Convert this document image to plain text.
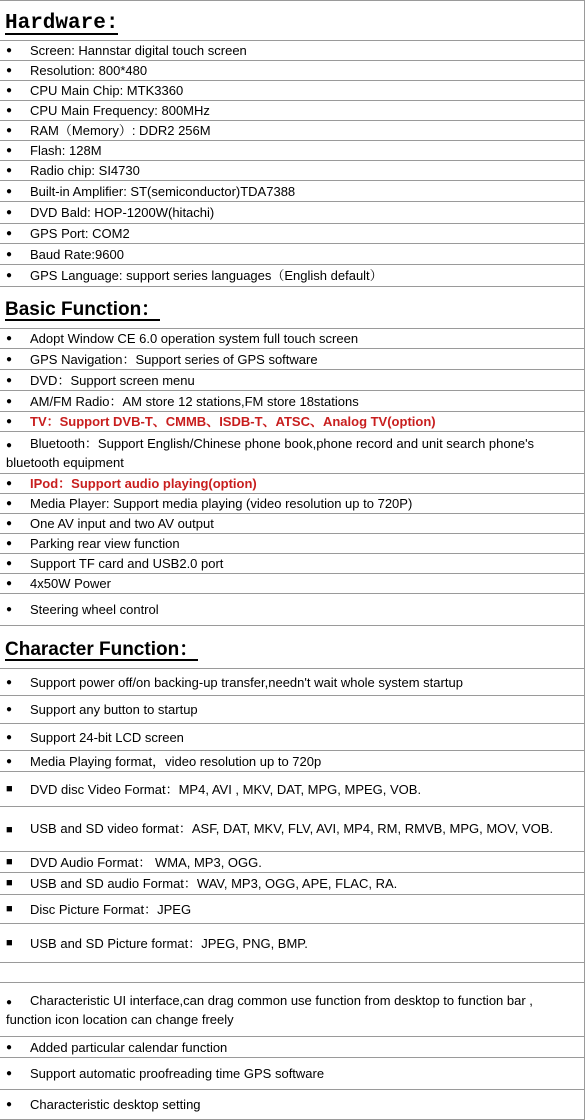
Hardware:
●	Screen: Hannstar digital touch screen
●	Resolution: 800*480
●	CPU Main Chip: MTK3360
●	CPU Main Frequency: 800MHz
●	RAM（Memory）: DDR2 256M
●	Flash: 128M
●	Radio chip: SI4730
●	Built-in Amplifier: ST(semiconductor)TDA7388
●	DVD Bald: HOP-1200W(hitachi)
●	GPS Port: COM2
●	Baud Rate:9600
●	GPS Language: support series languages（English default）
Basic Function：
●	Adopt Window CE 6.0 operation system full touch screen
●	GPS Navigation：Support series of GPS software
●	DVD：Support screen menu
●	AM/FM Radio：AM store 12 stations,FM store 18stations
●	TV：Support DVB-T、CMMB、ISDB-T、ATSC、Analog TV(option)
● Bluetooth：Support English/Chinese phone book,phone record and unit search phone's bluetooth equipment
●	IPod：Support audio playing(option)
●	Media Player: Support media playing (video resolution up to 720P)
●	One AV input and two AV output
●	Parking rear view function
●	Support TF card and USB2.0 port
●	4x50W Power
●	Steering wheel control
Character Function：
●	Support power off/on backing-up transfer,needn't wait whole system startup
●	Support any button to startup
●	Support 24-bit LCD screen
●	Media Playing format，video resolution up to 720p
■	DVD disc Video Format：MP4, AVI , MKV, DAT, MPG, MPEG, VOB.
■ USB and SD video format：ASF, DAT, MKV, FLV, AVI, MP4, RM, RMVB, MPG, MOV, VOB.
■	DVD Audio Format： WMA, MP3, OGG.
■	USB and SD audio Format：WAV, MP3, OGG, APE, FLAC, RA.
■	Disc Picture Format：JPEG
■	USB and SD Picture format：JPEG, PNG, BMP.
● Characteristic UI interface,can drag common use function from desktop to function bar , function icon location can change freely
●	Added particular calendar function
●	Support automatic proofreading time GPS software
●	Characteristic desktop setting
